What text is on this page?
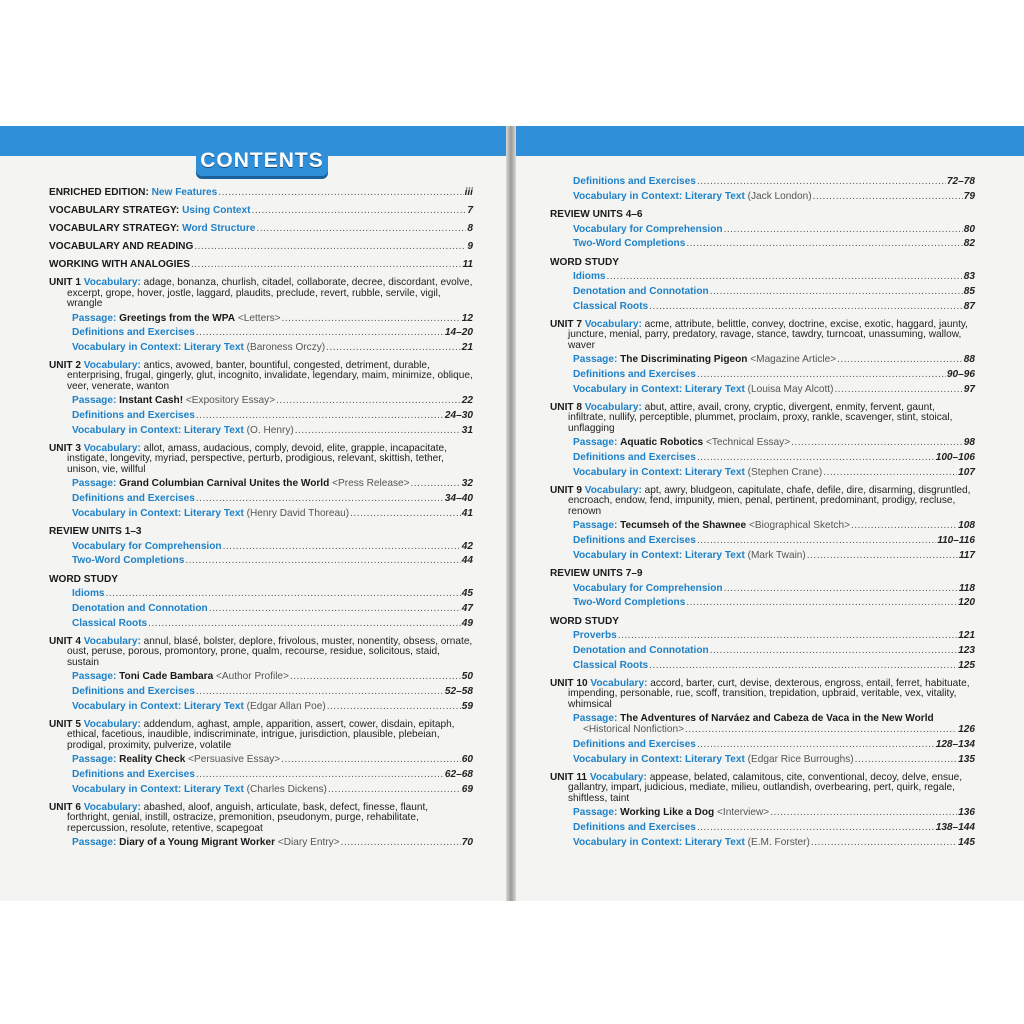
CONTENTS
ENRICHED EDITION: New Features .....	iii
VOCABULARY STRATEGY: Using Context .....	7
VOCABULARY STRATEGY: Word Structure .....	8
VOCABULARY AND READING .....	9
WORKING WITH ANALOGIES .....	11
UNIT 1 Vocabulary: adage, bonanza, churlish, citadel, collaborate, decree, discordant, evolve, excerpt, grope, hover, jostle, laggard, plaudits, preclude, revert, rubble, servile, vigil, wrangle
Passage: Greetings from the WPA <Letters> .....	12
Definitions and Exercises .....	14–20
Vocabulary in Context: Literary Text (Baroness Orczy) .....	21
UNIT 2 Vocabulary: antics, avowed, banter, bountiful, congested, detriment, durable, enterprising, frugal, gingerly, glut, incognito, invalidate, legendary, maim, minimize, oblique, veer, venerate, wanton
Passage: Instant Cash! <Expository Essay> .....	22
Definitions and Exercises .....	24–30
Vocabulary in Context: Literary Text (O. Henry) .....	31
UNIT 3 Vocabulary: allot, amass, audacious, comply, devoid, elite, grapple, incapacitate, instigate, longevity, myriad, perspective, perturb, prodigious, relevant, skittish, tether, unison, vie, willful
Passage: Grand Columbian Carnival Unites the World <Press Release> .....	32
Definitions and Exercises .....	34–40
Vocabulary in Context: Literary Text (Henry David Thoreau) .....	41
REVIEW UNITS 1–3
Vocabulary for Comprehension .....	42
Two-Word Completions .....	44
WORD STUDY
Idioms .....	45
Denotation and Connotation .....	47
Classical Roots .....	49
UNIT 4 Vocabulary: annul, blasé, bolster, deplore, frivolous, muster, nonentity, obsess, ornate, oust, peruse, porous, promontory, prone, qualm, recourse, residue, solicitous, staid, sustain
Passage: Toni Cade Bambara <Author Profile> .....	50
Definitions and Exercises .....	52–58
Vocabulary in Context: Literary Text (Edgar Allan Poe) .....	59
UNIT 5 Vocabulary: addendum, aghast, ample, apparition, assert, cower, disdain, epitaph, ethical, facetious, inaudible, indiscriminate, intrigue, jurisdiction, plausible, plebeian, prodigal, proximity, pulverize, volatile
Passage: Reality Check <Persuasive Essay> .....	60
Definitions and Exercises .....	62–68
Vocabulary in Context: Literary Text (Charles Dickens) .....	69
UNIT 6 Vocabulary: abashed, aloof, anguish, articulate, bask, defect, finesse, flaunt, forthright, genial, instill, ostracize, premonition, pseudonym, purge, rehabilitate, repercussion, resolute, retentive, scapegoat
Passage: Diary of a Young Migrant Worker <Diary Entry> .....	70
Definitions and Exercises .....	72–78
Vocabulary in Context: Literary Text (Jack London) .....	79
REVIEW UNITS 4–6
Vocabulary for Comprehension .....	80
Two-Word Completions .....	82
WORD STUDY
Idioms .....	83
Denotation and Connotation .....	85
Classical Roots .....	87
UNIT 7 Vocabulary: acme, attribute, belittle, convey, doctrine, excise, exotic, haggard, jaunty, juncture, menial, parry, predatory, ravage, stance, tawdry, turncoat, unassuming, wallow, waver
Passage: The Discriminating Pigeon <Magazine Article> .....	88
Definitions and Exercises .....	90–96
Vocabulary in Context: Literary Text (Louisa May Alcott) .....	97
UNIT 8 Vocabulary: abut, attire, avail, crony, cryptic, divergent, enmity, fervent, gaunt, infiltrate, nullify, perceptible, plummet, proclaim, proxy, rankle, scavenger, stint, stoical, unflagging
Passage: Aquatic Robotics <Technical Essay> .....	98
Definitions and Exercises .....	100–106
Vocabulary in Context: Literary Text (Stephen Crane) .....	107
UNIT 9 Vocabulary: apt, awry, bludgeon, capitulate, chafe, defile, dire, disarming, disgruntled, encroach, endow, fend, impunity, mien, penal, pertinent, predominant, prodigy, recluse, renown
Passage: Tecumseh of the Shawnee <Biographical Sketch> .....	108
Definitions and Exercises .....	110–116
Vocabulary in Context: Literary Text (Mark Twain) .....	117
REVIEW UNITS 7–9
Vocabulary for Comprehension .....	118
Two-Word Completions .....	120
WORD STUDY
Proverbs .....	121
Denotation and Connotation .....	123
Classical Roots .....	125
UNIT 10 Vocabulary: accord, barter, curt, devise, dexterous, engross, entail, ferret, habituate, impending, personable, rue, scoff, transition, trepidation, upbraid, veritable, vex, vitality, whimsical
Passage: The Adventures of Narváez and Cabeza de Vaca in the New World
<Historical Nonfiction> .....	126
Definitions and Exercises .....	128–134
Vocabulary in Context: Literary Text (Edgar Rice Burroughs) .....	135
UNIT 11 Vocabulary: appease, belated, calamitous, cite, conventional, decoy, delve, ensue, gallantry, impart, judicious, mediate, milieu, outlandish, overbearing, pert, quirk, regale, shiftless, taint
Passage: Working Like a Dog <Interview> .....	136
Definitions and Exercises .....	138–144
Vocabulary in Context: Literary Text (E.M. Forster) .....	145
